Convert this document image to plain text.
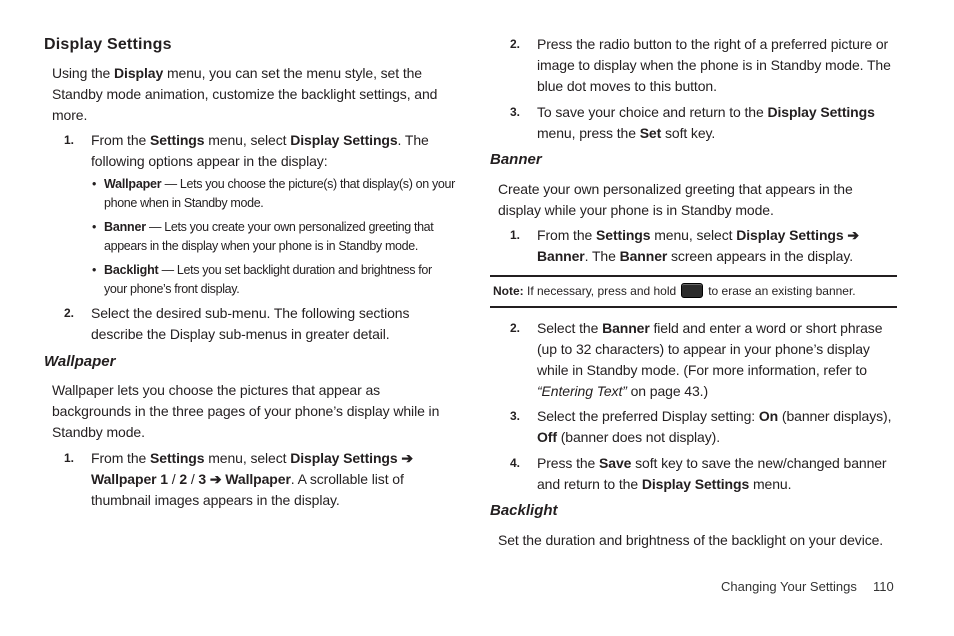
Display Settings

Using the Display menu, you can set the menu style, set the Standby mode animation, customize the backlight settings, and more.

1. From the Settings menu, select Display Settings. The following options appear in the display:

• Wallpaper — Lets you choose the picture(s) that display(s) on your phone when in Standby mode.

• Banner — Lets you create your own personalized greeting that appears in the display when your phone is in Standby mode.

• Backlight — Lets you set backlight duration and brightness for your phone’s front display.

2. Select the desired sub-menu. The following sections describe the Display sub-menus in greater detail.

Wallpaper

Wallpaper lets you choose the pictures that appear as backgrounds in the three pages of your phone’s display while in Standby mode.

1. From the Settings menu, select Display Settings ➔ Wallpaper 1 / 2 / 3 ➔ Wallpaper. A scrollable list of thumbnail images appears in the display.

2. Press the radio button to the right of a preferred picture or image to display when the phone is in Standby mode. The blue dot moves to this button.

3. To save your choice and return to the Display Settings menu, press the Set soft key.

Banner

Create your own personalized greeting that appears in the display while your phone is in Standby mode.

1. From the Settings menu, select Display Settings ➔ Banner. The Banner screen appears in the display.

Note: If necessary, press and hold	to erase an existing banner.

2. Select the Banner field and enter a word or short phrase (up to 32 characters) to appear in your phone’s display while in Standby mode. (For more information, refer to “Entering Text” on page 43.)

3. Select the preferred Display setting: On (banner displays), Off (banner does not display).

4. Press the Save soft key to save the new/changed banner and return to the Display Settings menu.

Backlight

Set the duration and brightness of the backlight on your device.

Changing Your Settings 110
